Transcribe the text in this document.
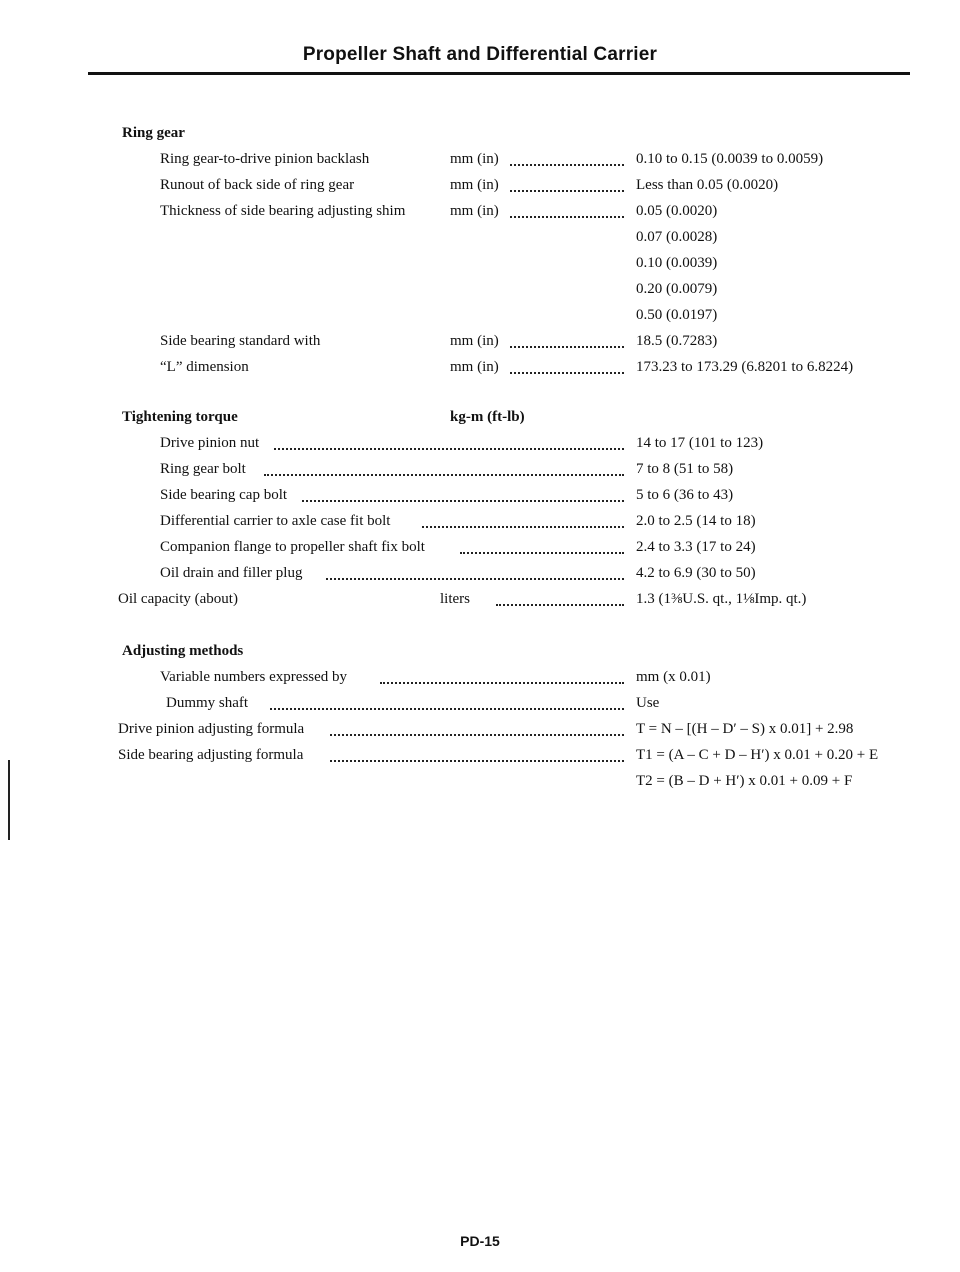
Propeller Shaft and Differential Carrier
Ring gear
Ring gear-to-drive pinion backlash	mm (in)	0.10 to 0.15 (0.0039 to 0.0059)
Runout of back side of ring gear	mm (in)	Less than 0.05 (0.0020)
Thickness of side bearing adjusting shim	mm (in)	0.05 (0.0020)
0.07 (0.0028)
0.10 (0.0039)
0.20 (0.0079)
0.50 (0.0197)
Side bearing standard with	mm (in)	18.5 (0.7283)
“L” dimension	mm (in)	173.23 to 173.29 (6.8201 to 6.8224)
Tightening torque	kg-m (ft-lb)
Drive pinion nut	14 to 17 (101 to 123)
Ring gear bolt	7 to 8 (51 to 58)
Side bearing cap bolt	5 to 6 (36 to 43)
Differential carrier to axle case fit bolt	2.0 to 2.5 (14 to 18)
Companion flange to propeller shaft fix bolt	2.4 to 3.3 (17 to 24)
Oil drain and filler plug	4.2 to 6.9 (30 to 50)
Oil capacity (about)	liters	1.3 (1⅜U.S. qt., 1⅛Imp. qt.)
Adjusting methods
Variable numbers expressed by	mm (x 0.01)
Dummy shaft	Use
Drive pinion adjusting formula	T = N – [(H – D′ – S) x 0.01] + 2.98
Side bearing adjusting formula	T1 = (A – C + D – H′) x 0.01 + 0.20 + E
T2 = (B – D + H′) x 0.01 + 0.09 + F
PD-15
